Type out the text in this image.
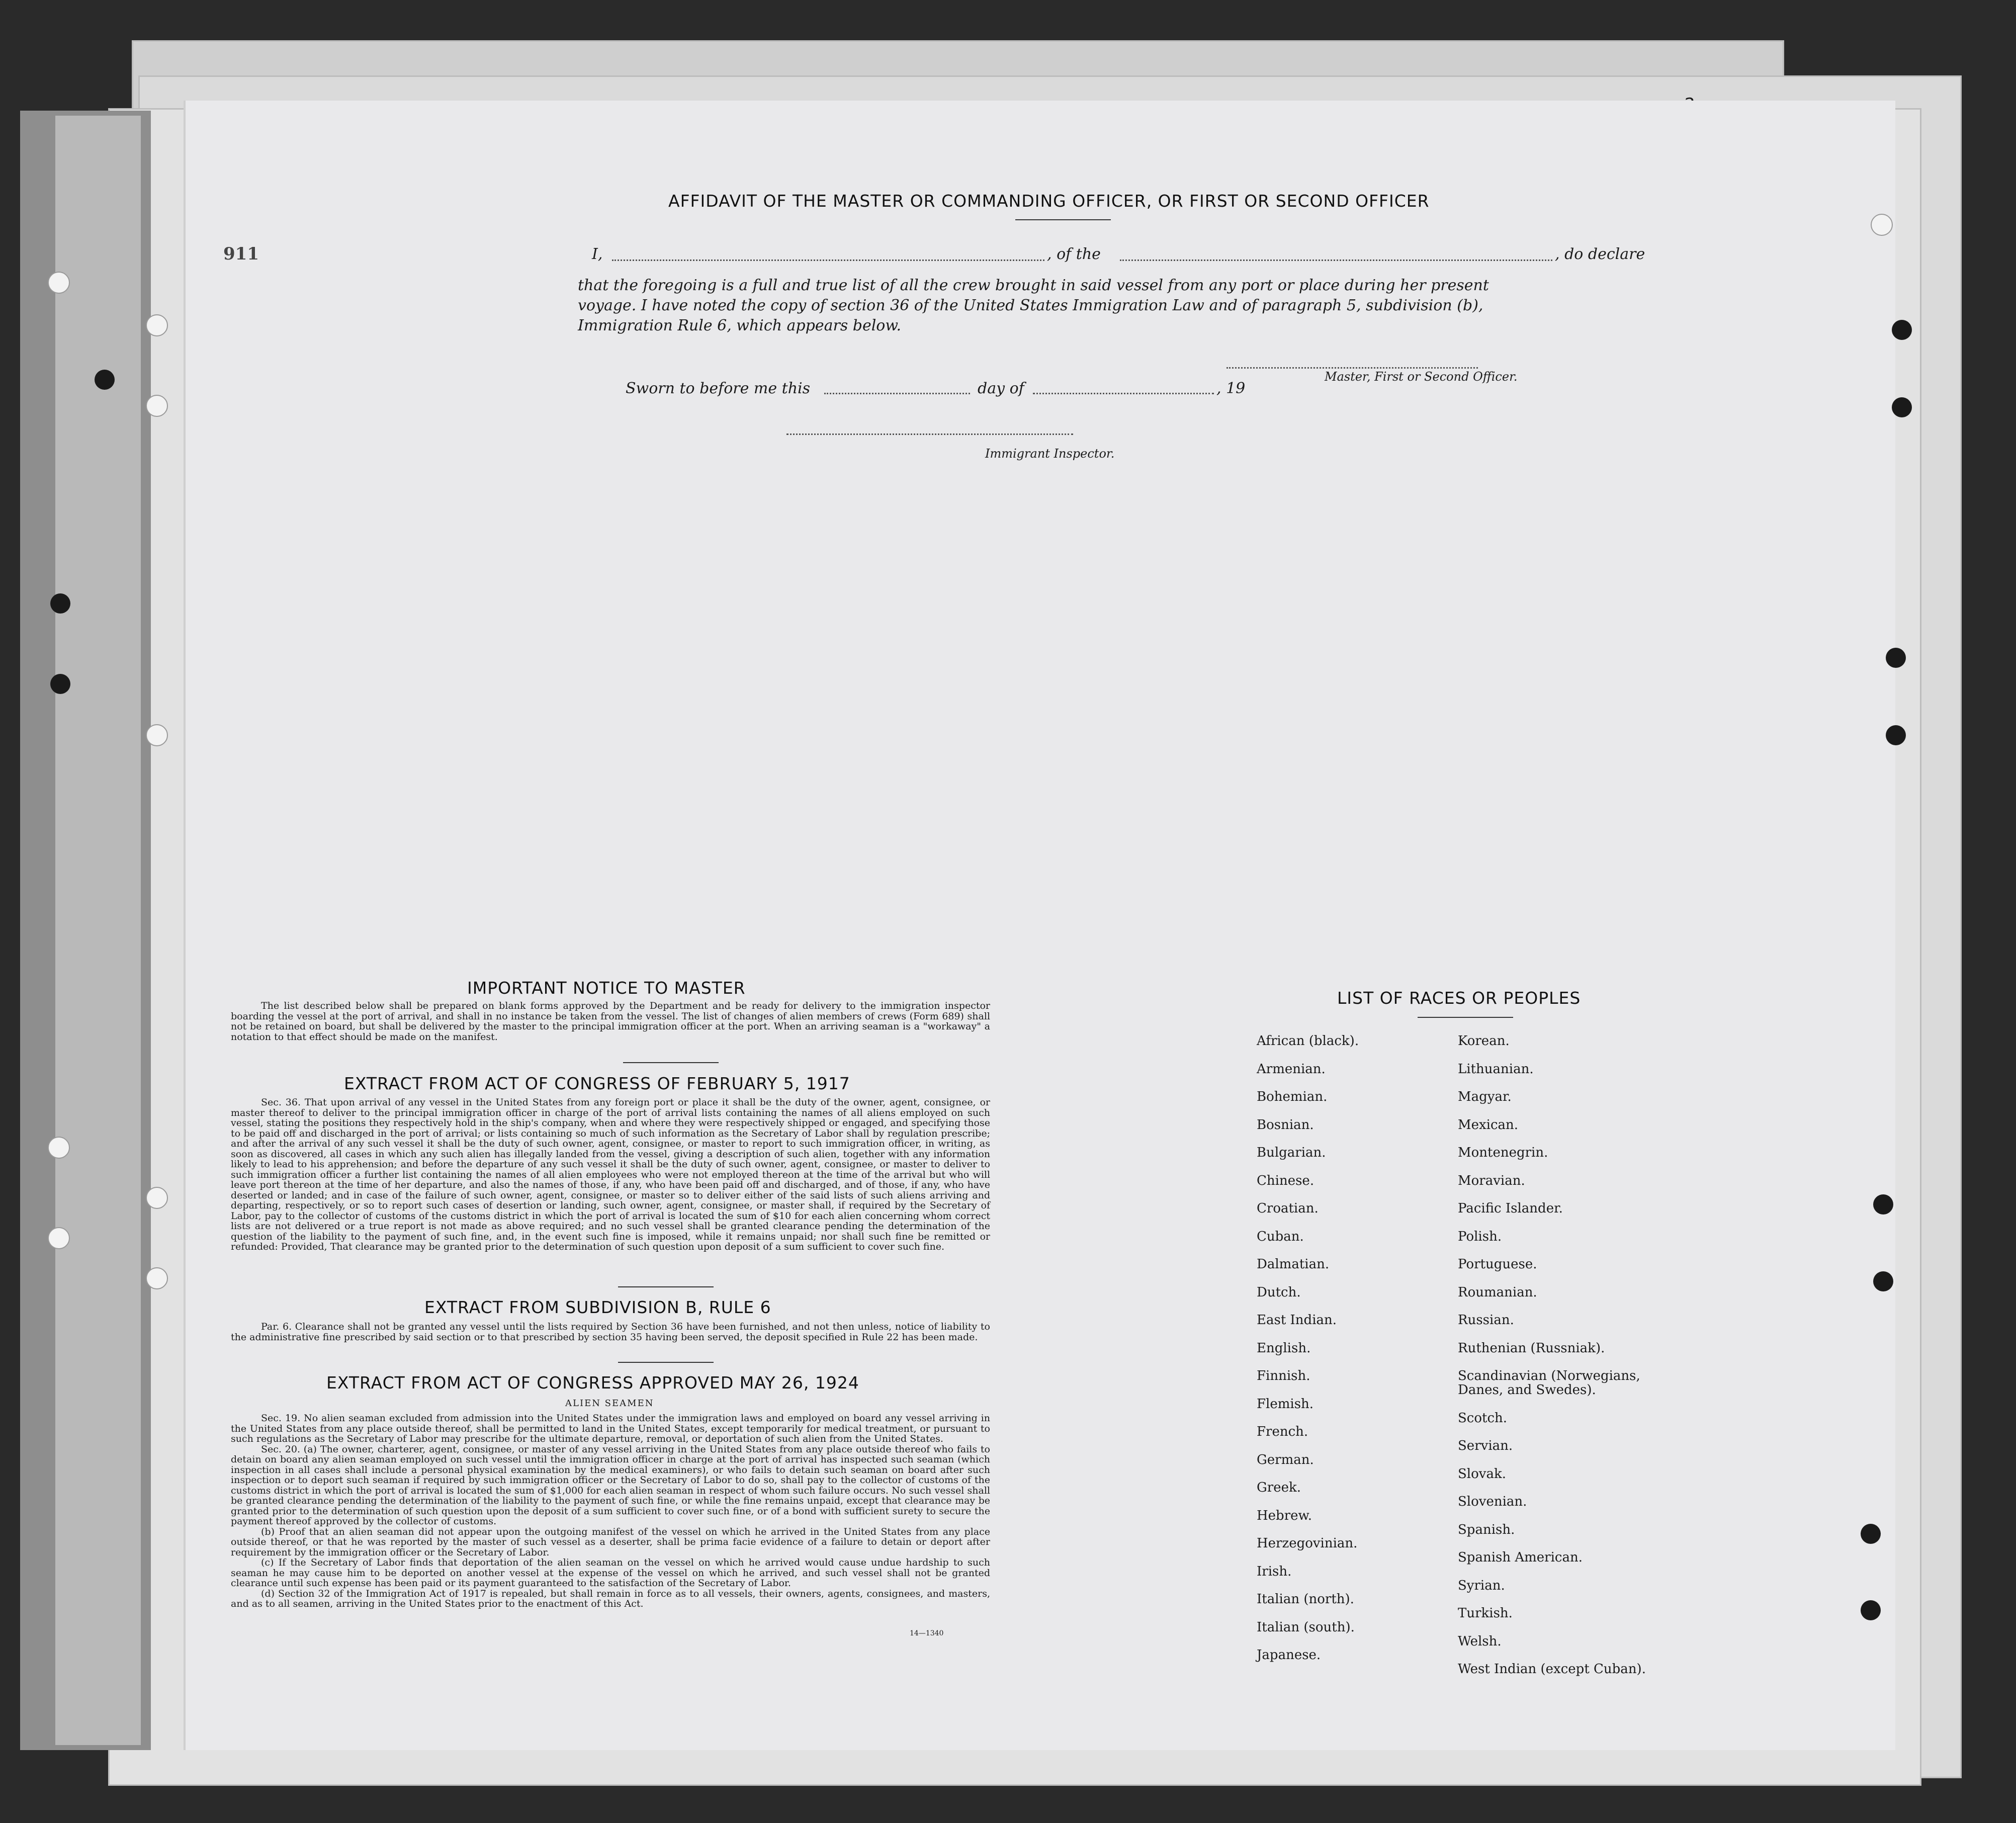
911
AFFIDAVIT OF THE MASTER OR COMMANDING OFFICER, OR FIRST OR SECOND OFFICER
I,	, of the	, do declare
that the foregoing is a full and true list of all the crew brought in said vessel from any port or place during her present
voyage. I have noted the copy of section 36 of the United States Immigration Law and of paragraph 5, subdivision (b),
Immigration Rule 6, which appears below.
Master, First or Second Officer.
Sworn to before me this	day of	, 19
Immigrant Inspector.
IMPORTANT NOTICE TO MASTER
The list described below shall be prepared on blank forms approved by the Department and be ready for delivery to the immigration inspector boarding the vessel at the port of arrival, and shall in no instance be taken from the vessel. The list of changes of alien members of crews (Form 689) shall not be retained on board, but shall be delivered by the master to the principal immigration officer at the port. When an arriving seaman is a "workaway" a notation to that effect should be made on the manifest.
EXTRACT FROM ACT OF CONGRESS OF FEBRUARY 5, 1917
Sec. 36. That upon arrival of any vessel in the United States from any foreign port or place it shall be the duty of the owner, agent, consignee, or master thereof to deliver to the principal immigration officer in charge of the port of arrival lists containing the names of all aliens employed on such vessel, stating the positions they respectively hold in the ship's company, when and where they were respectively shipped or engaged, and specifying those to be paid off and discharged in the port of arrival; or lists containing so much of such information as the Secretary of Labor shall by regulation prescribe; and after the arrival of any such vessel it shall be the duty of such owner, agent, consignee, or master to report to such immigration officer, in writing, as soon as discovered, all cases in which any such alien has illegally landed from the vessel, giving a description of such alien, together with any information likely to lead to his apprehension; and before the departure of any such vessel it shall be the duty of such owner, agent, consignee, or master to deliver to such immigration officer a further list containing the names of all alien employees who were not employed thereon at the time of the arrival but who will leave port thereon at the time of her departure, and also the names of those, if any, who have been paid off and discharged, and of those, if any, who have deserted or landed; and in case of the failure of such owner, agent, consignee, or master so to deliver either of the said lists of such aliens arriving and departing, respectively, or so to report such cases of desertion or landing, such owner, agent, consignee, or master shall, if required by the Secretary of Labor, pay to the collector of customs of the customs district in which the port of arrival is located the sum of $10 for each alien concerning whom correct lists are not delivered or a true report is not made as above required; and no such vessel shall be granted clearance pending the determination of the question of the liability to the payment of such fine, and, in the event such fine is imposed, while it remains unpaid; nor shall such fine be remitted or refunded: Provided, That clearance may be granted prior to the determination of such question upon deposit of a sum sufficient to cover such fine.
EXTRACT FROM SUBDIVISION B, RULE 6
Par. 6. Clearance shall not be granted any vessel until the lists required by Section 36 have been furnished, and not then unless, notice of liability to the administrative fine prescribed by said section or to that prescribed by section 35 having been served, the deposit specified in Rule 22 has been made.
EXTRACT FROM ACT OF CONGRESS APPROVED MAY 26, 1924
ALIEN SEAMEN

Sec. 19. No alien seaman excluded from admission into the United States under the immigration laws and employed on board any vessel arriving in the United States from any place outside thereof, shall be permitted to land in the United States, except temporarily for medical treatment, or pursuant to such regulations as the Secretary of Labor may prescribe for the ultimate departure, removal, or deportation of such alien from the United States.

Sec. 20. (a) The owner, charterer, agent, consignee, or master of any vessel arriving in the United States from any place outside thereof who fails to detain on board any alien seaman employed on such vessel until the immigration officer in charge at the port of arrival has inspected such seaman (which inspection in all cases shall include a personal physical examination by the medical examiners), or who fails to detain such seaman on board after such inspection or to deport such seaman if required by such immigration officer or the Secretary of Labor to do so, shall pay to the collector of customs of the customs district in which the port of arrival is located the sum of $1,000 for each alien seaman in respect of whom such failure occurs. No such vessel shall be granted clearance pending the determination of the liability to the payment of such fine, or while the fine remains unpaid, except that clearance may be granted prior to the determination of such question upon the deposit of a sum sufficient to cover such fine, or of a bond with sufficient surety to secure the payment thereof approved by the collector of customs.

(b) Proof that an alien seaman did not appear upon the outgoing manifest of the vessel on which he arrived in the United States from any place outside thereof, or that he was reported by the master of such vessel as a deserter, shall be prima facie evidence of a failure to detain or deport after requirement by the immigration officer or the Secretary of Labor.

(c) If the Secretary of Labor finds that deportation of the alien seaman on the vessel on which he arrived would cause undue hardship to such seaman he may cause him to be deported on another vessel at the expense of the vessel on which he arrived, and such vessel shall not be granted clearance until such expense has been paid or its payment guaranteed to the satisfaction of the Secretary of Labor.

(d) Section 32 of the Immigration Act of 1917 is repealed, but shall remain in force as to all vessels, their owners, agents, consignees, and masters, and as to all seamen, arriving in the United States prior to the enactment of this Act.

14—1340
LIST OF RACES OR PEOPLES
African (black).
Armenian.
Bohemian.
Bosnian.
Bulgarian.
Chinese.
Croatian.
Cuban.
Dalmatian.
Dutch.
East Indian.
English.
Finnish.
Flemish.
French.
German.
Greek.
Hebrew.
Herzegovinian.
Irish.
Italian (north).
Italian (south).
Japanese.
Korean.
Lithuanian.
Magyar.
Mexican.
Montenegrin.
Moravian.
Pacific Islander.
Polish.
Portuguese.
Roumanian.
Russian.
Ruthenian (Russniak).
Scandinavian (Norwegians,
Danes, and Swedes).
Scotch.
Servian.
Slovak.
Slovenian.
Spanish.
Spanish American.
Syrian.
Turkish.
Welsh.
West Indian (except Cuban).
